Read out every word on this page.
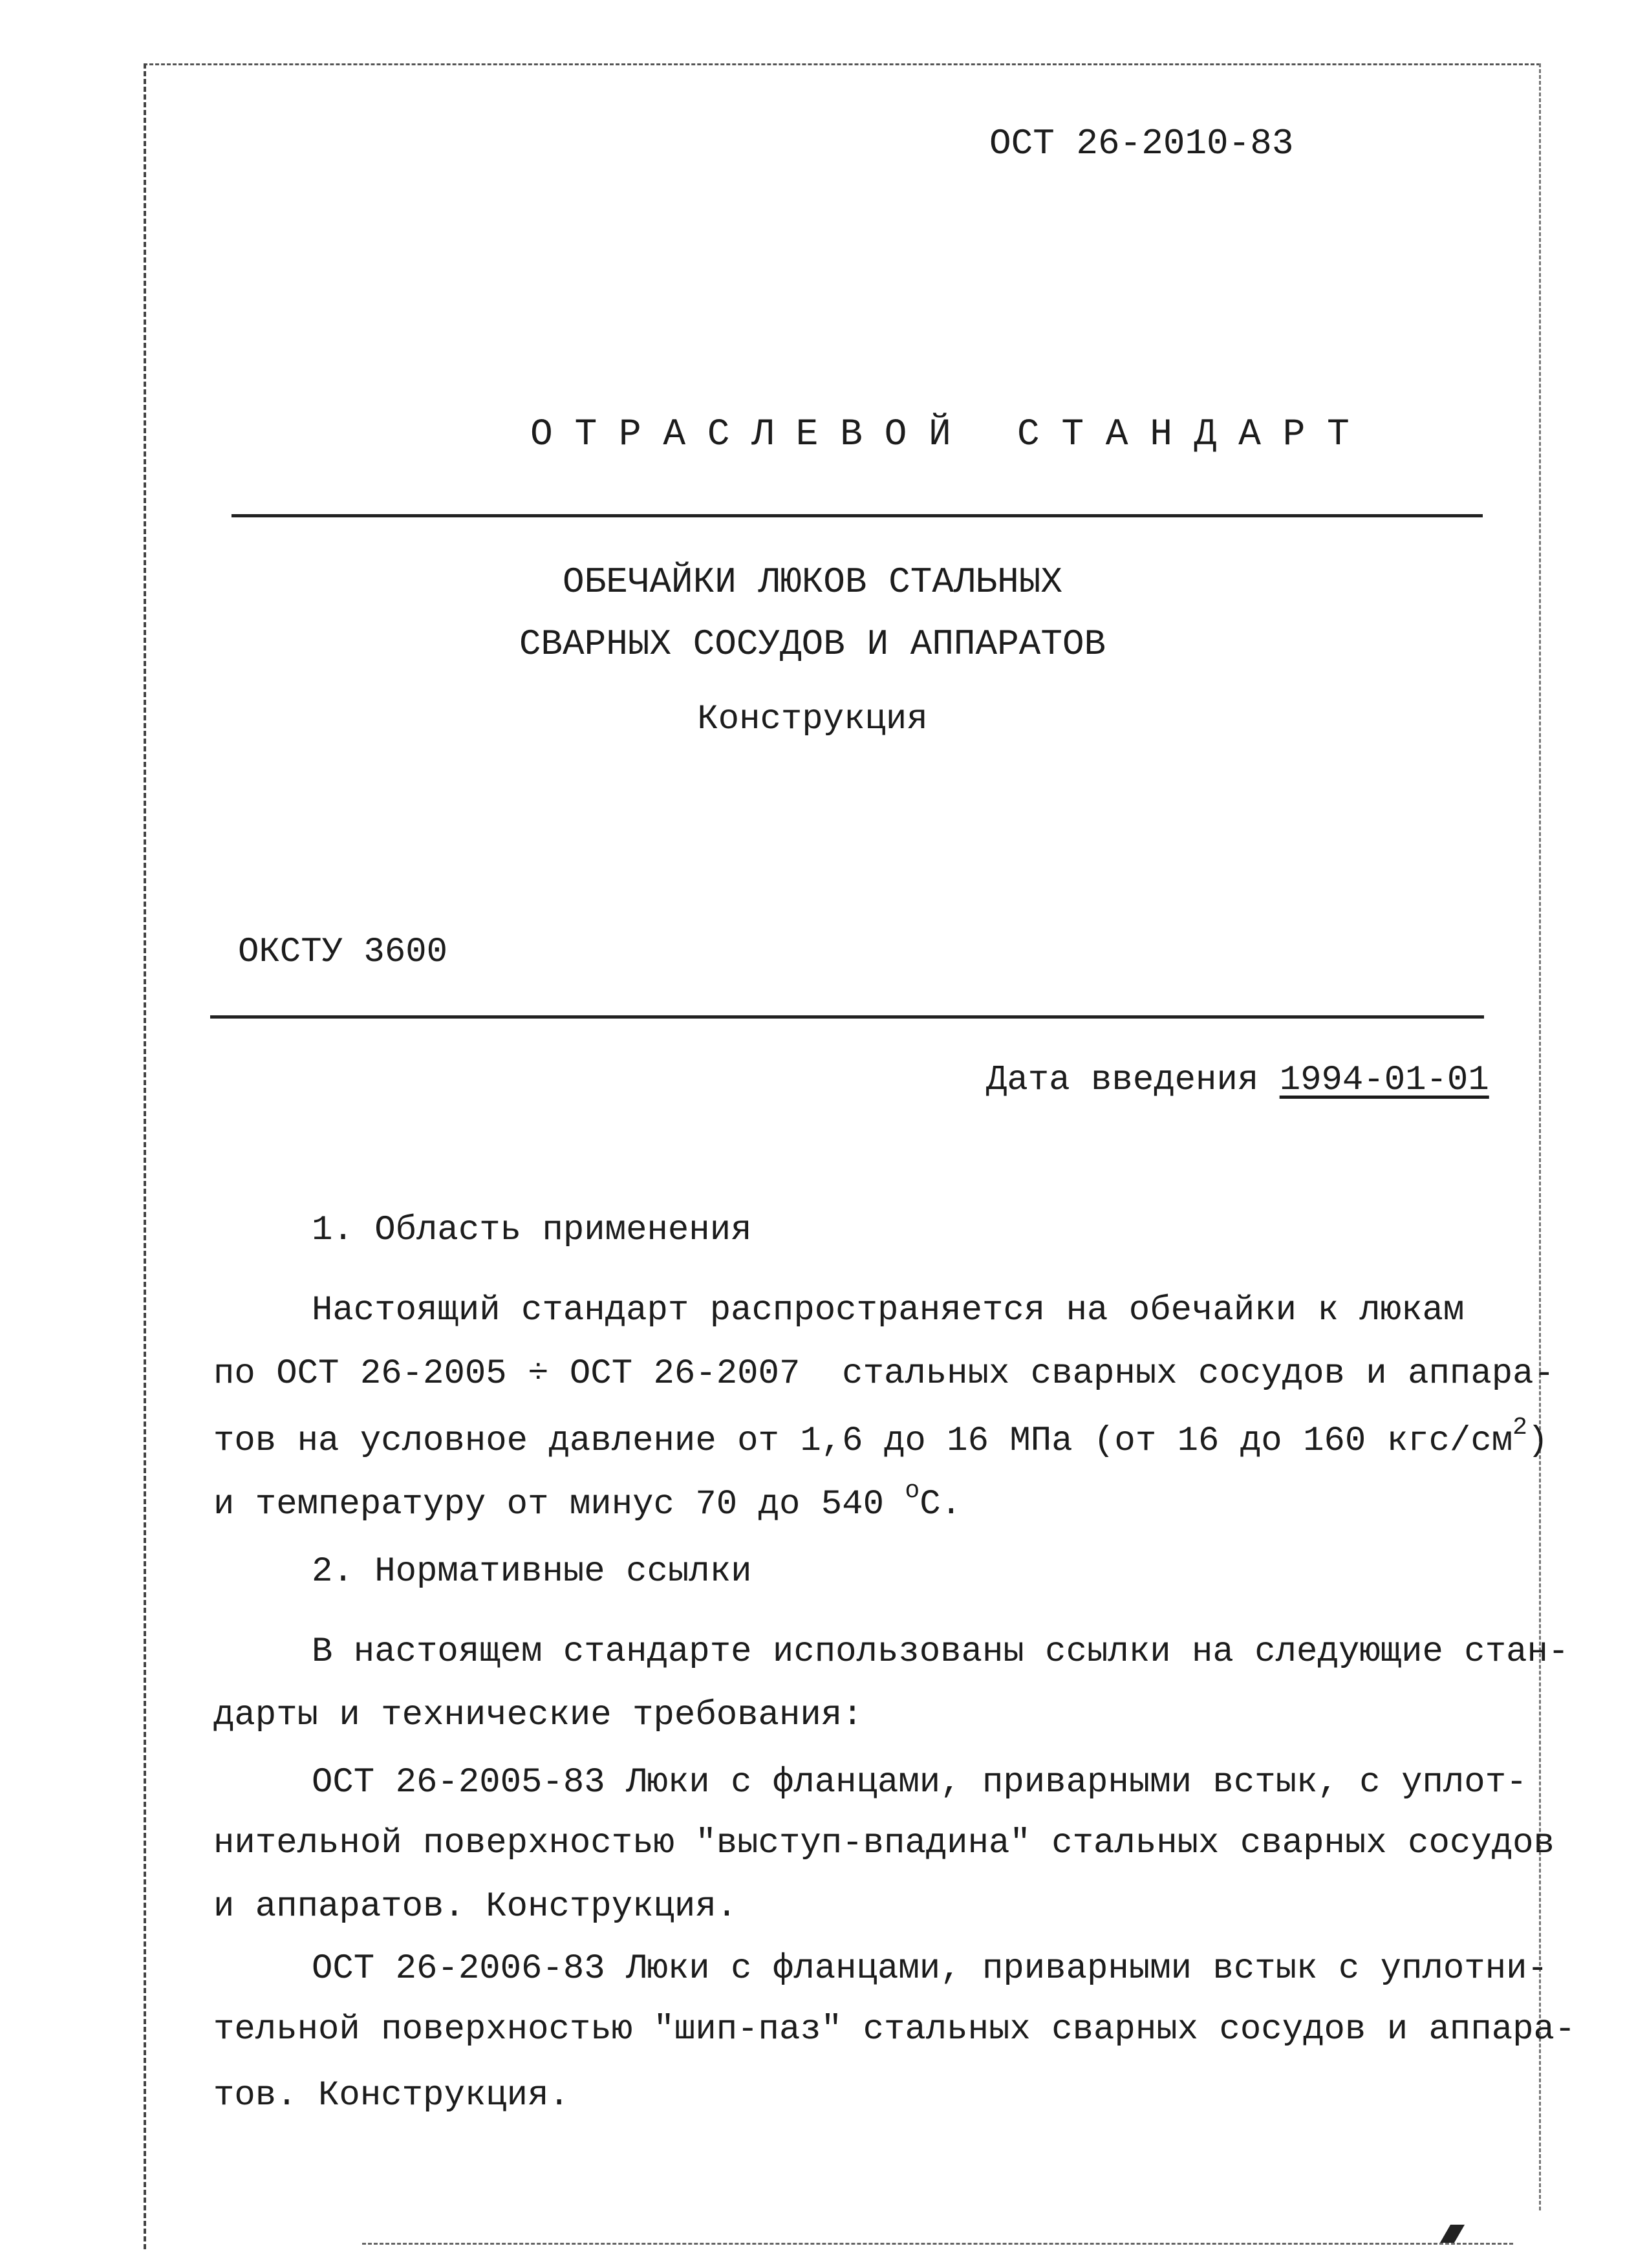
ОСТ 26-2010-83
ОТРАСЛЕВОЙ СТАНДАРТ
ОБЕЧАЙКИ ЛЮКОВ СТАЛЬНЫХ
СВАРНЫХ СОСУДОВ И АППАРАТОВ
Конструкция
ОКСТУ 3600
Дата введения 1994-01-01
1. Область применения
Настоящий стандарт распространяется на обечайки к люкам
по ОСТ 26-2005 ÷ ОСТ 26-2007  стальных сварных сосудов и аппара-
тов на условное давление от 1,6 до 16 МПа (от 16 до 160 кгс/$см^2$)
и температуру от минус 70 до 540 $^о$С.
2. Нормативные ссылки
В настоящем стандарте использованы ссылки на следующие стан-
дарты и технические требования:
ОСТ 26-2005-83 Люки с фланцами, приварными встык, с уплот-
нительной поверхностью "выступ-впадина" стальных сварных сосудов
и аппаратов. Конструкция.
ОСТ 26-2006-83 Люки с фланцами, приварными встык с уплотни-
тельной поверхностью "шип-паз" стальных сварных сосудов и аппара-
тов. Конструкция.
